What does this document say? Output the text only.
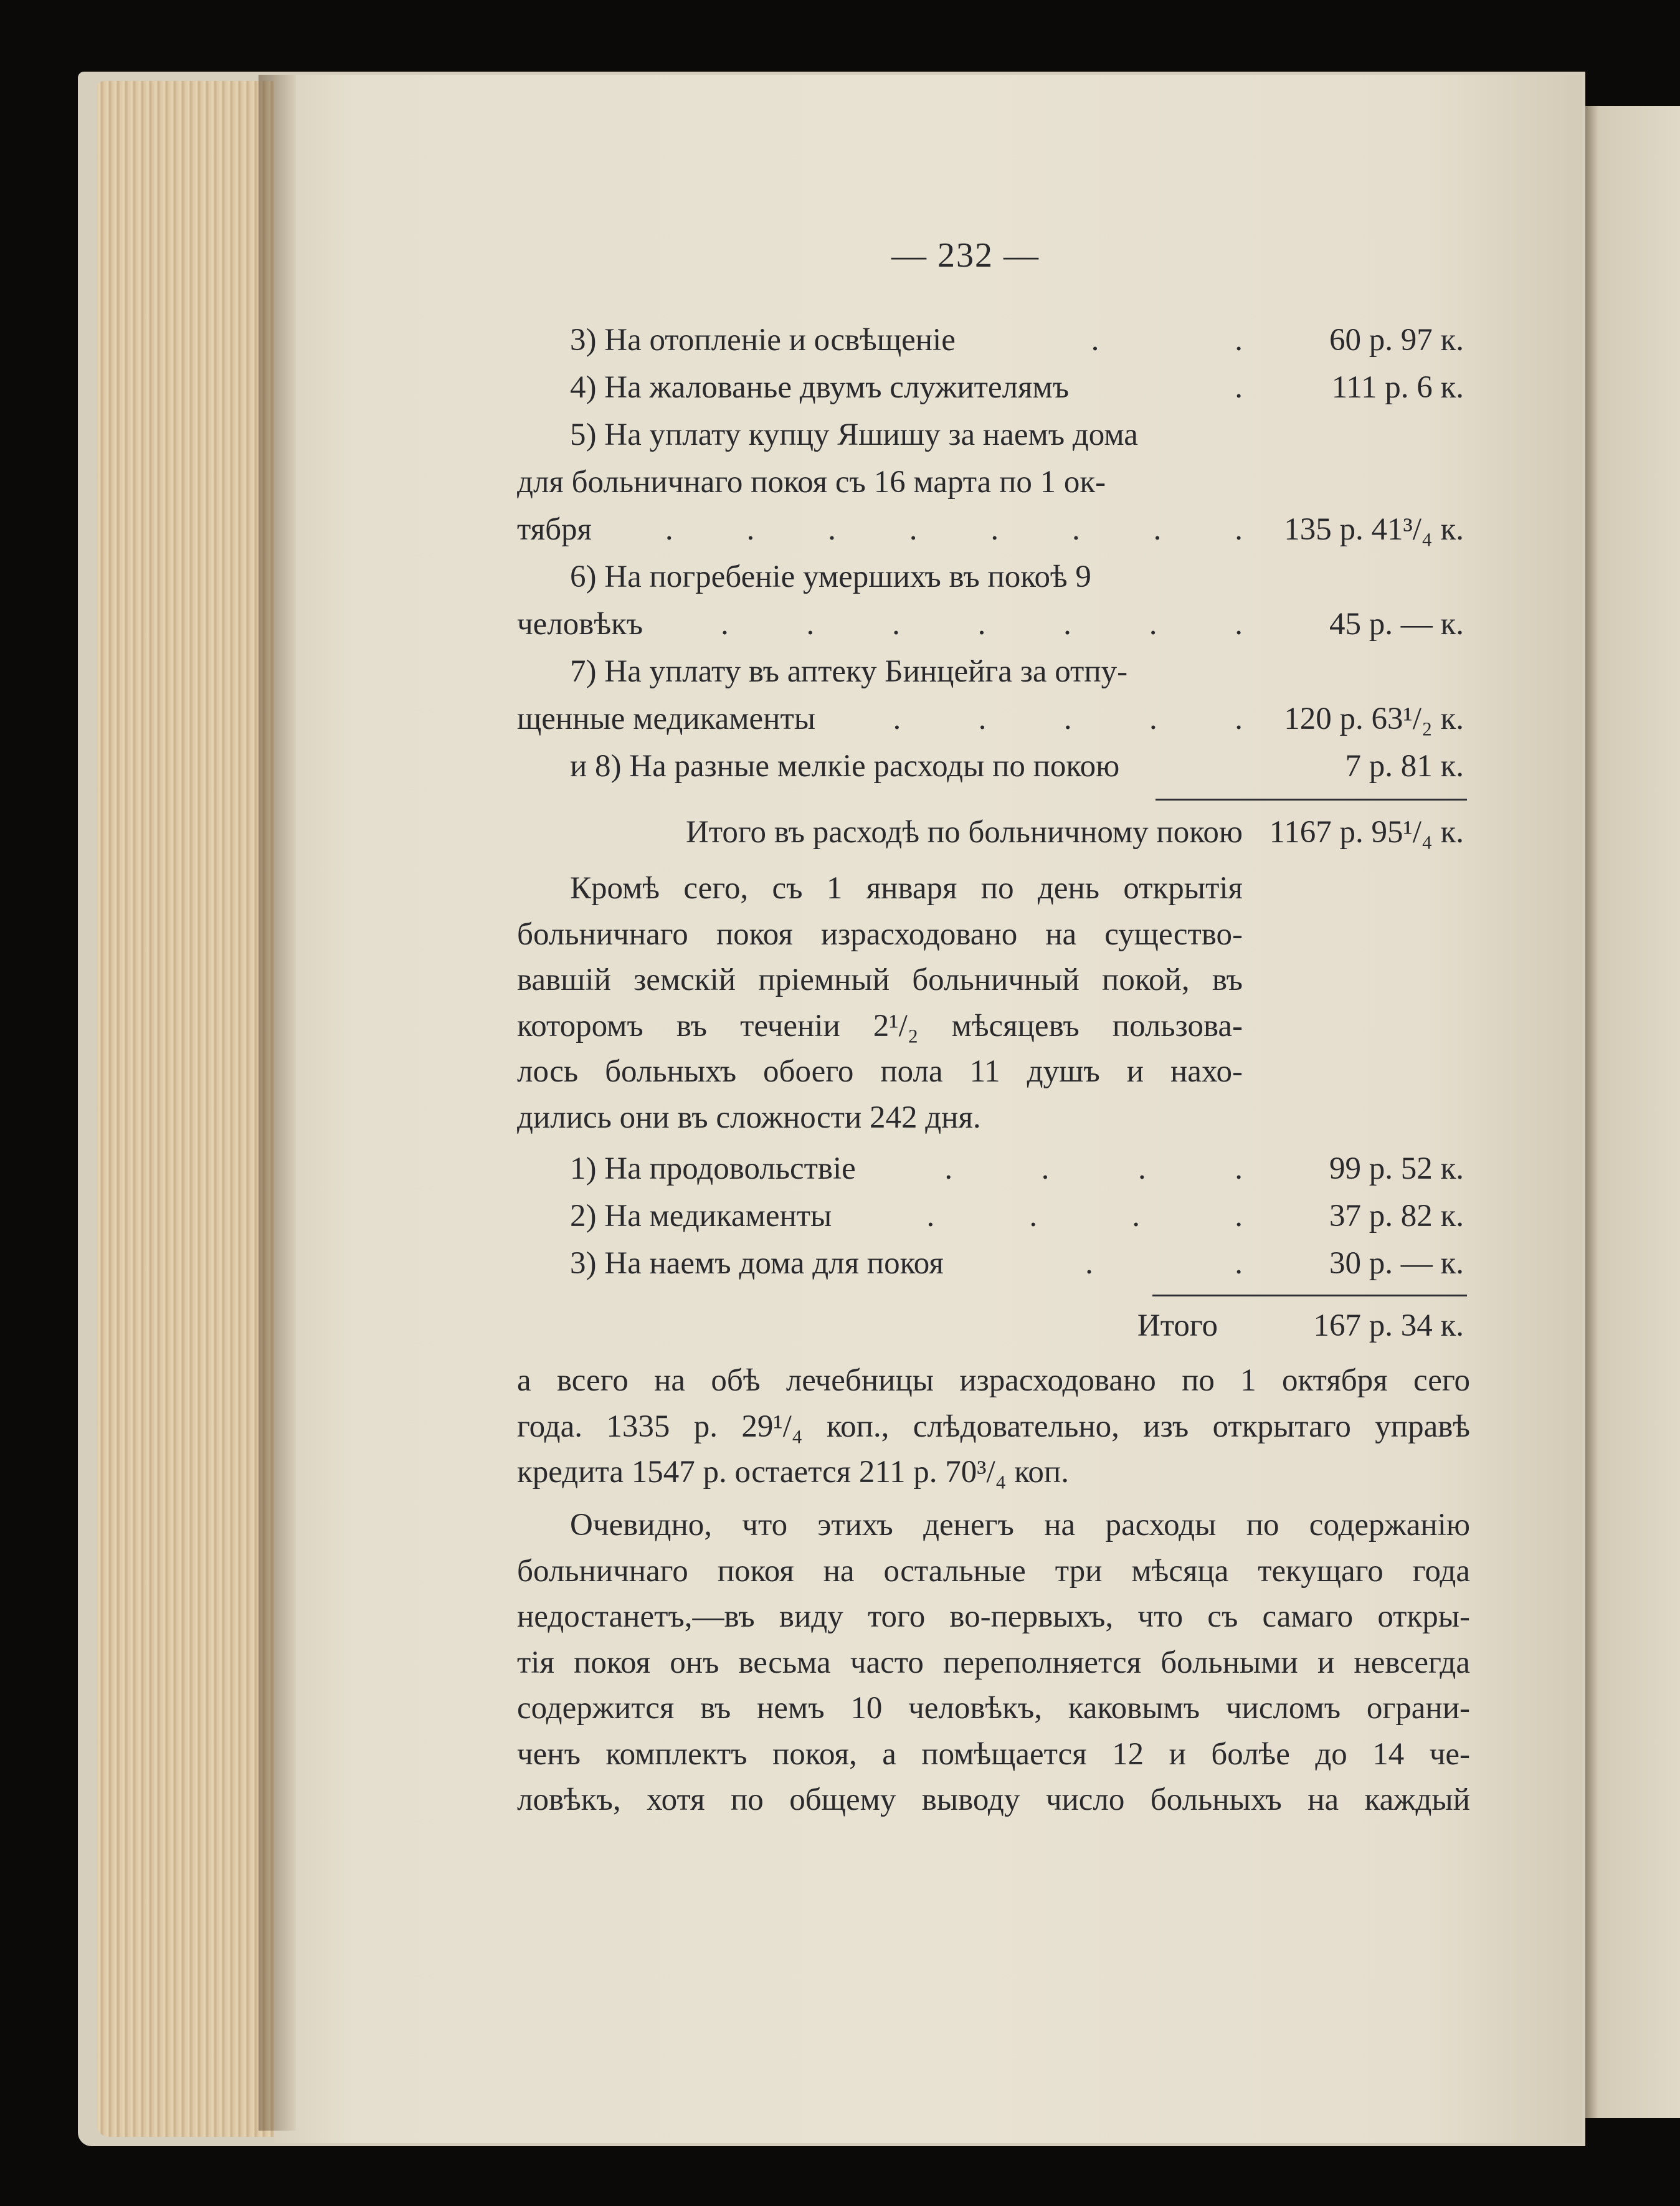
— 232 —
3) На отопленіе и освѣщеніе	.	.	60 р. 97 к.
4) На жалованье двумъ служителямъ	.	111 р. 6 к.
5) На уплату купцу Яшишу за наемъ дома
для больничнаго покоя съ 16 марта по 1 ок-
тября . . . . . . . .	135 р. 41³/₄ к.
6) На погребеніе умершихъ въ покоѣ 9
человѣкъ . . . . . . .	45 р. — к.
7) На уплату въ аптеку Бинцейга за отпу-
щенные медикаменты . . . . .	120 р. 63¹/₂ к.
и 8) На разные мелкіе расходы по покою	7 р. 81 к.
Итого въ расходѣ по больничному покою 1167 р. 95¹/₄ к.
Кромѣ сего, съ 1 января по день открытія
больничнаго покоя израсходовано на существо-
вавшій земскій пріемный больничный покой, въ
которомъ въ теченіи 2¹/₂ мѣсяцевъ пользова-
лось больныхъ обоего пола 11 душъ и нахо-
дились они въ сложности 242 дня.
1) На продовольствіе	.	.	.	.	99 р. 52 к.
2) На медикаменты	.	.	.	.	37 р. 82 к.
3) На наемъ дома для покоя	.	.	30 р. — к.
Итого	167 р. 34 к.
а всего на обѣ лечебницы израсходовано по 1 октября сего
года. 1335 р. 29¹/₄ коп., слѣдовательно, изъ открытаго управѣ
кредита 1547 р. остается 211 р. 70³/₄ коп.
Очевидно, что этихъ денегъ на расходы по содержанію
больничнаго покоя на остальные три мѣсяца текущаго года
недостанетъ,—въ виду того во-первыхъ, что съ самаго откры-
тія покоя онъ весьма часто переполняется больными и невсегда
содержится въ немъ 10 человѣкъ, каковымъ числомъ ограни-
ченъ комплектъ покоя, а помѣщается 12 и болѣе до 14 че-
ловѣкъ, хотя по общему выводу число больныхъ на каждый
